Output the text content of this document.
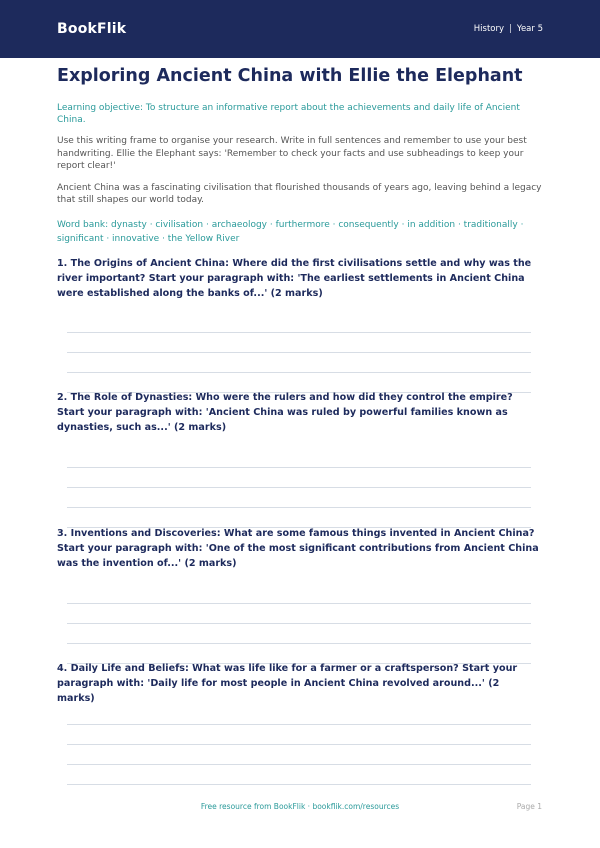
BookFlik	History | Year 5
Exploring Ancient China with Ellie the Elephant
Learning objective: To structure an informative report about the achievements and daily life of Ancient China.
Use this writing frame to organise your research. Write in full sentences and remember to use your best handwriting. Ellie the Elephant says: 'Remember to check your facts and use subheadings to keep your report clear!'
Ancient China was a fascinating civilisation that flourished thousands of years ago, leaving behind a legacy that still shapes our world today.
Word bank: dynasty · civilisation · archaeology · furthermore · consequently · in addition · traditionally · significant · innovative · the Yellow River

1. The Origins of Ancient China: Where did the first civilisations settle and why was the river important? Start your paragraph with: 'The earliest settlements in Ancient China were established along the banks of...' (2 marks)

2. The Role of Dynasties: Who were the rulers and how did they control the empire? Start your paragraph with: 'Ancient China was ruled by powerful families known as dynasties, such as...' (2 marks)

3. Inventions and Discoveries: What are some famous things invented in Ancient China? Start your paragraph with: 'One of the most significant contributions from Ancient China was the invention of...' (2 marks)

4. Daily Life and Beliefs: What was life like for a farmer or a craftsperson? Start your paragraph with: 'Daily life for most people in Ancient China revolved around...' (2 marks)

Free resource from BookFlik · bookflik.com/resources	Page 1
